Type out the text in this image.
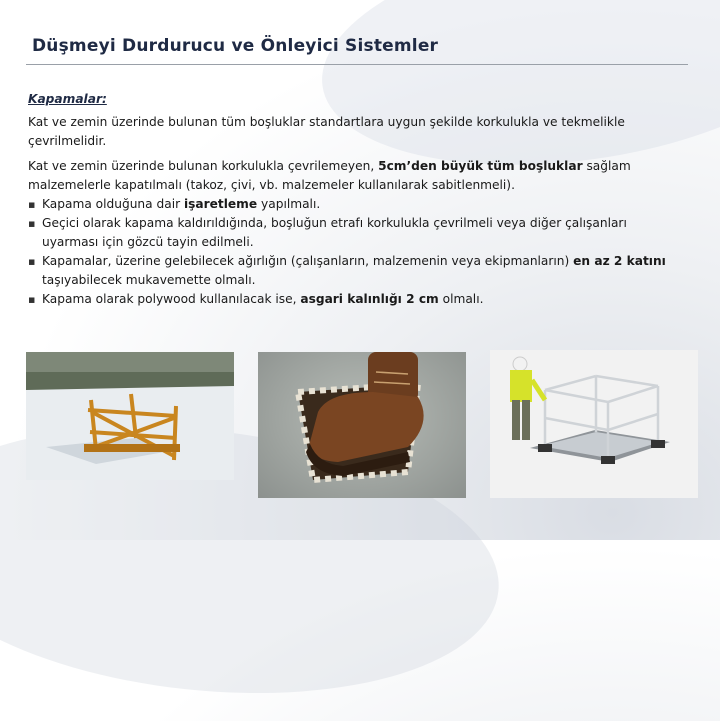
Düşmeyi Durdurucu ve Önleyici Sistemler
Kapamalar:

Kat ve zemin üzerinde bulunan tüm boşluklar standartlara uygun şekilde korkulukla ve tekmelikle çevrilmelidir.

Kat ve zemin üzerinde bulunan korkulukla çevrilemeyen, 5cm’den büyük tüm boşluklar sağlam malzemelerle kapatılmalı (takoz, çivi, vb. malzemeler kullanılarak sabitlenmeli).

▪ Kapama olduğuna dair işaretleme yapılmalı.
▪ Geçici olarak kapama kaldırıldığında, boşluğun etrafı korkulukla çevrilmeli veya diğer çalışanları uyarması için gözcü tayin edilmeli.
▪ Kapamalar, üzerine gelebilecek ağırlığın (çalışanların, malzemenin veya ekipmanların) en az 2 katını taşıyabilecek mukavemette olmalı.
▪ Kapama olarak polywood kullanılacak ise, asgari kalınlığı 2 cm olmalı.
